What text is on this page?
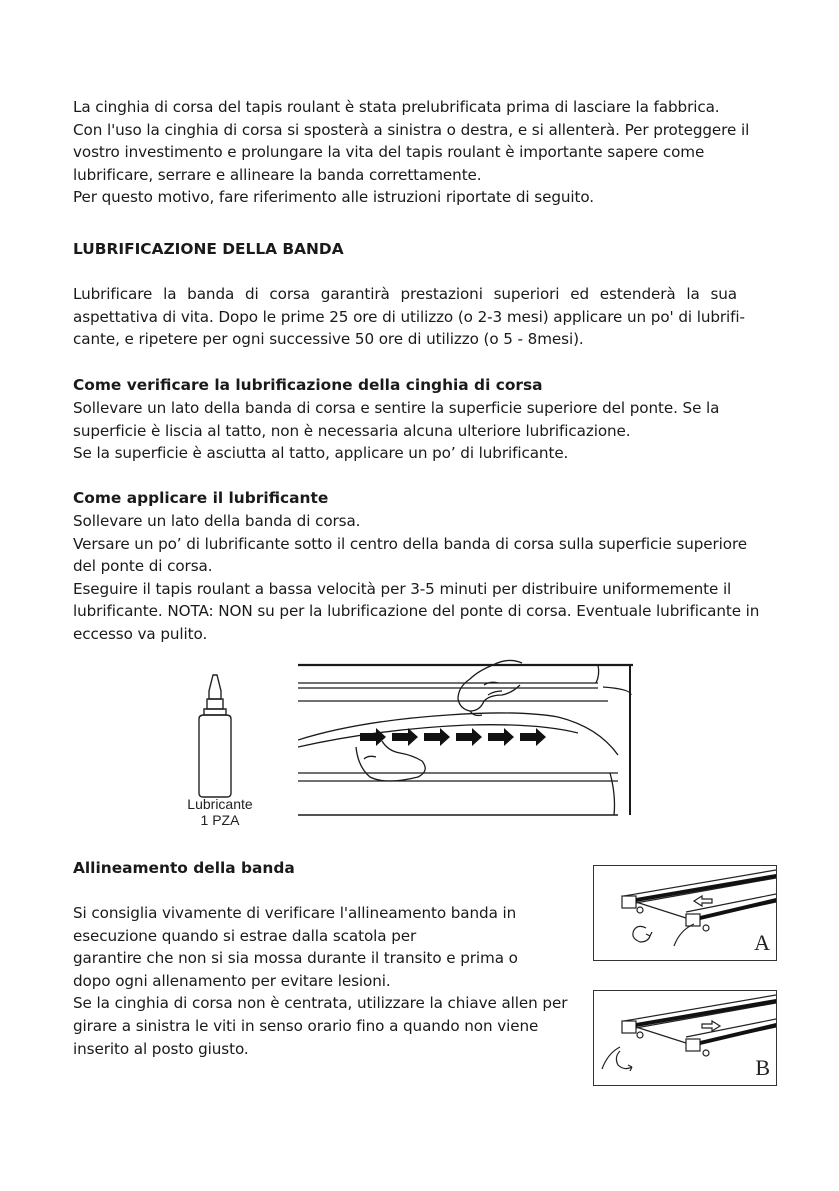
La cinghia di corsa del tapis roulant è stata prelubrificata prima di lasciare la fabbrica.
Con l'uso la cinghia di corsa si sposterà a sinistra o destra, e si allenterà. Per proteggere il
vostro investimento e prolungare la vita del tapis roulant è importante sapere come
lubrificare, serrare e allineare la banda correttamente.
Per questo motivo, fare riferimento alle istruzioni riportate di seguito.
LUBRIFICAZIONE DELLA BANDA
Lubrificare la banda di corsa garantirà prestazioni superiori ed estenderà la sua
aspettativa di vita. Dopo le prime 25 ore di utilizzo (o 2-3 mesi) applicare un po' di lubrifi-
cante, e ripetere per ogni successive 50 ore di utilizzo (o 5 - 8mesi).
Come verificare la lubrificazione della cinghia di corsa
Sollevare un lato della banda di corsa e sentire la superficie superiore del ponte. Se la
superficie è liscia al tatto, non è necessaria alcuna ulteriore lubrificazione.
Se la superficie è asciutta al tatto, applicare un po’ di lubrificante.
Come applicare il lubrificante
Sollevare un lato della banda di corsa.
Versare un po’ di lubrificante sotto il centro della banda di corsa sulla superficie superiore
del ponte di corsa.
Eseguire il tapis roulant a bassa velocità per 3-5 minuti per distribuire uniformemente il
lubrificante. NOTA: NON su per la lubrificazione del ponte di corsa. Eventuale lubrificante in
eccesso va pulito.
Lubricante
1 PZA
Allineamento della banda
Si consiglia vivamente di verificare l'allineamento banda in
esecuzione quando si estrae dalla scatola per
garantire che non si sia mossa durante il transito e prima o
dopo ogni allenamento per evitare lesioni.
Se la cinghia di corsa non è centrata, utilizzare la chiave allen per
girare a sinistra le viti in senso orario fino a quando non viene
inserito al posto giusto.
A
B
